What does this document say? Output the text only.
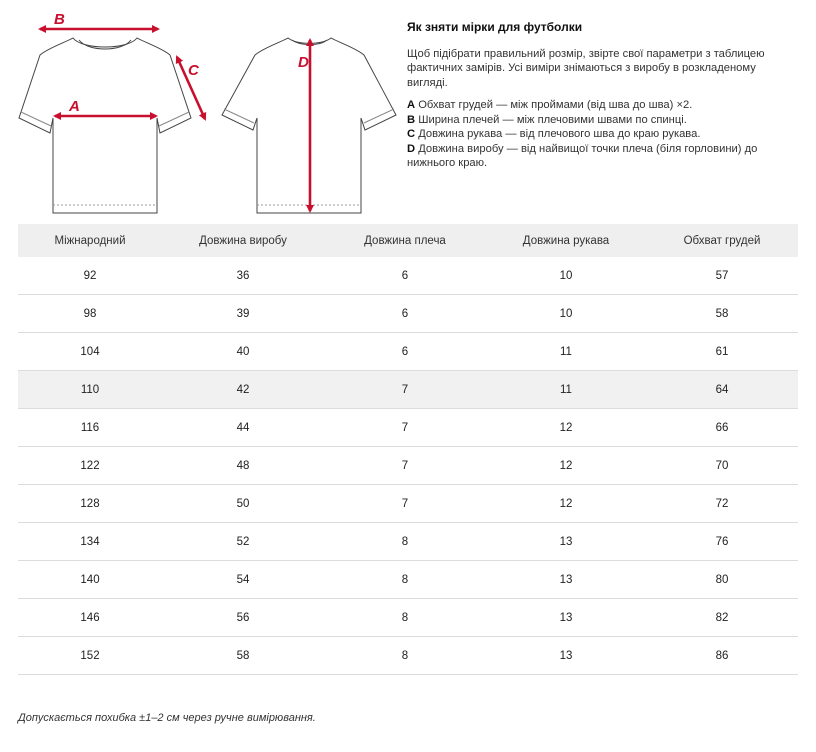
B
A
C	D
Як зняти мірки для футболки

Щоб підібрати правильний розмір, звірте свої параметри з таблицею фактичних замірів. Усі виміри знімаються з виробу в розкладеному вигляді.

A Обхват грудей — між проймами (від шва до шва) ×2.
B Ширина плечей — між плечовими швами по спинці.
C Довжина рукава — від плечового шва до краю рукава.
D Довжина виробу — від найвищої точки плеча (біля горловини) до нижнього краю.
Міжнародний	Довжина виробу	Довжина плеча	Довжина рукава	Обхват грудей
92	36	6	10	57
98	39	6	10	58
104	40	6	11	61
110	42	7	11	64
116	44	7	12	66
122	48	7	12	70
128	50	7	12	72
134	52	8	13	76
140	54	8	13	80
146	56	8	13	82
152	58	8	13	86
Допускається похибка ±1–2 см через ручне вимірювання.
